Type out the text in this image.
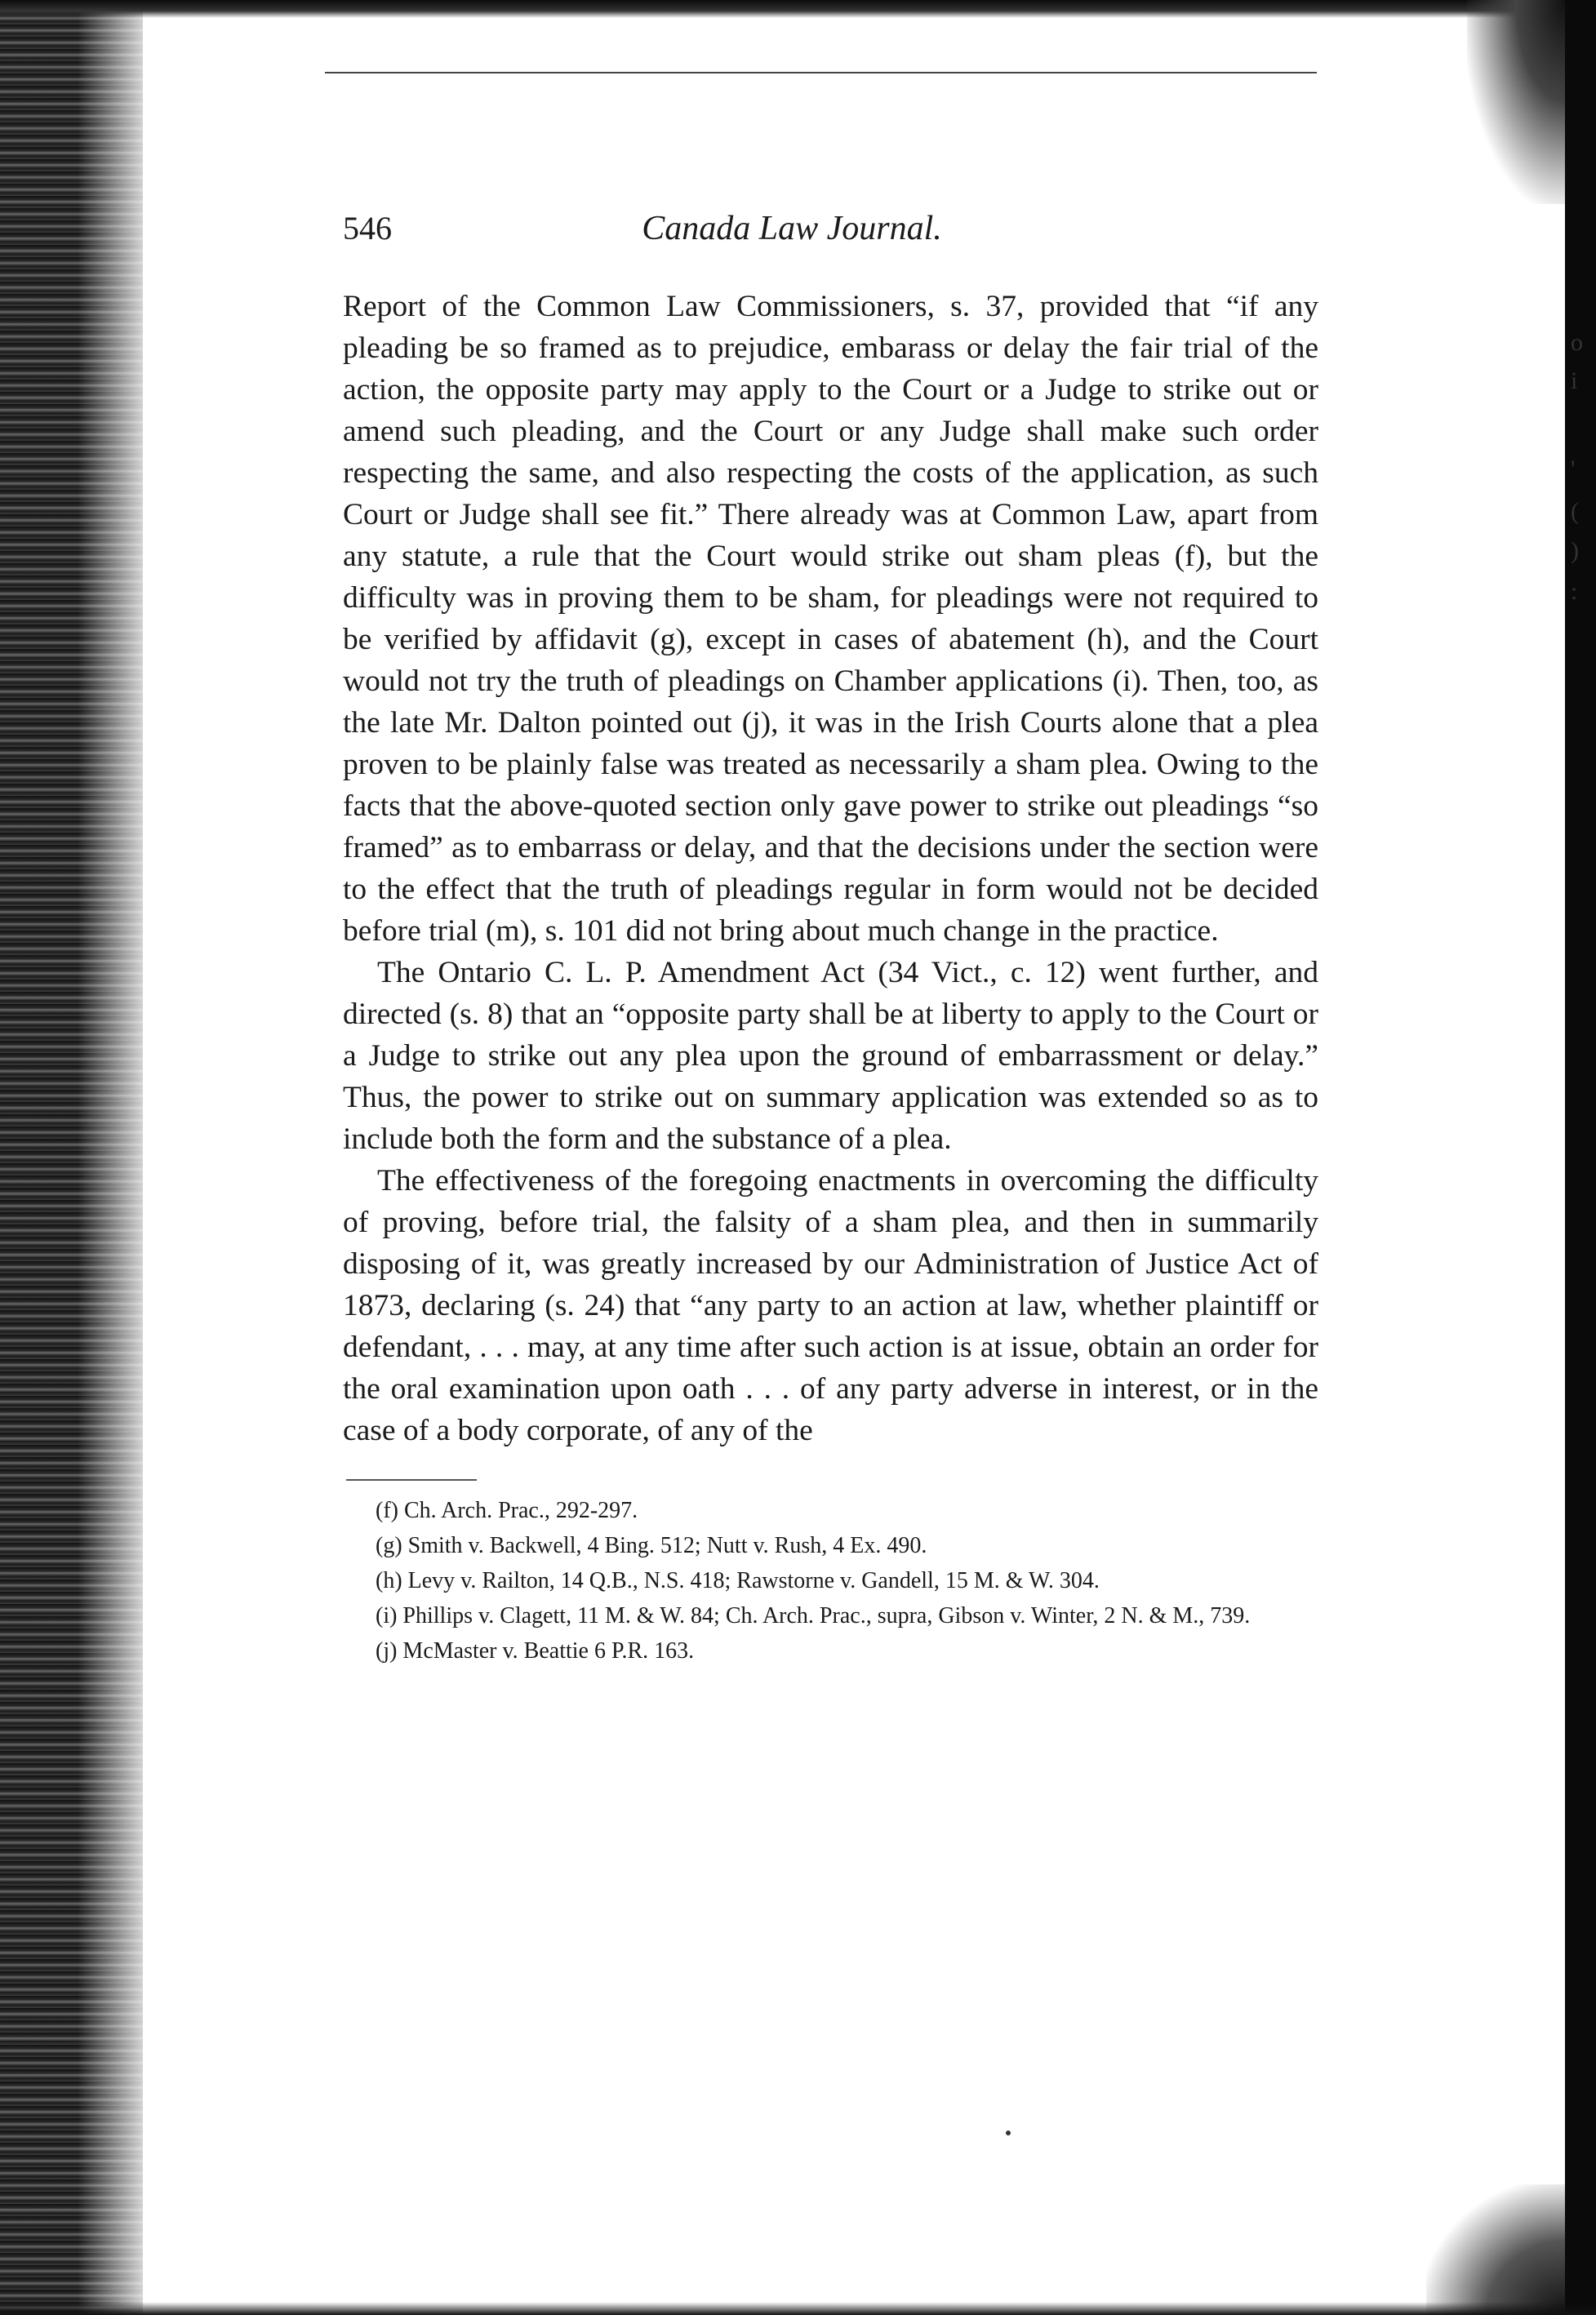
o
i
'
(
)
:
546	Canada Law Journal.

Report of the Common Law Commissioners, s. 37, provided that “if any pleading be so framed as to prejudice, embarass or delay the fair trial of the action, the opposite party may apply to the Court or a Judge to strike out or amend such pleading, and the Court or any Judge shall make such order respecting the same, and also respecting the costs of the application, as such Court or Judge shall see fit.” There already was at Common Law, apart from any statute, a rule that the Court would strike out sham pleas (f), but the difficulty was in proving them to be sham, for pleadings were not required to be verified by affidavit (g), except in cases of abatement (h), and the Court would not try the truth of pleadings on Chamber applications (i). Then, too, as the late Mr. Dalton pointed out (j), it was in the Irish Courts alone that a plea proven to be plainly false was treated as necessarily a sham plea. Owing to the facts that the above-quoted section only gave power to strike out pleadings “so framed” as to embarrass or delay, and that the decisions under the section were to the effect that the truth of pleadings regular in form would not be decided before trial (m), s. 101 did not bring about much change in the practice.

The Ontario C. L. P. Amendment Act (34 Vict., c. 12) went further, and directed (s. 8) that an “opposite party shall be at liberty to apply to the Court or a Judge to strike out any plea upon the ground of embarrassment or delay.” Thus, the power to strike out on summary application was extended so as to include both the form and the substance of a plea.

The effectiveness of the foregoing enactments in overcoming the difficulty of proving, before trial, the falsity of a sham plea, and then in summarily disposing of it, was greatly increased by our Administration of Justice Act of 1873, declaring (s. 24) that “any party to an action at law, whether plaintiff or defendant, . . . may, at any time after such action is at issue, obtain an order for the oral examination upon oath . . . of any party adverse in interest, or in the case of a body corporate, of any of the

(f) Ch. Arch. Prac., 292-297.

(g) Smith v. Backwell, 4 Bing. 512; Nutt v. Rush, 4 Ex. 490.

(h) Levy v. Railton, 14 Q.B., N.S. 418; Rawstorne v. Gandell, 15 M. & W. 304.

(i) Phillips v. Clagett, 11 M. & W. 84; Ch. Arch. Prac., supra, Gibson v. Winter, 2 N. & M., 739.

(j) McMaster v. Beattie 6 P.R. 163.
